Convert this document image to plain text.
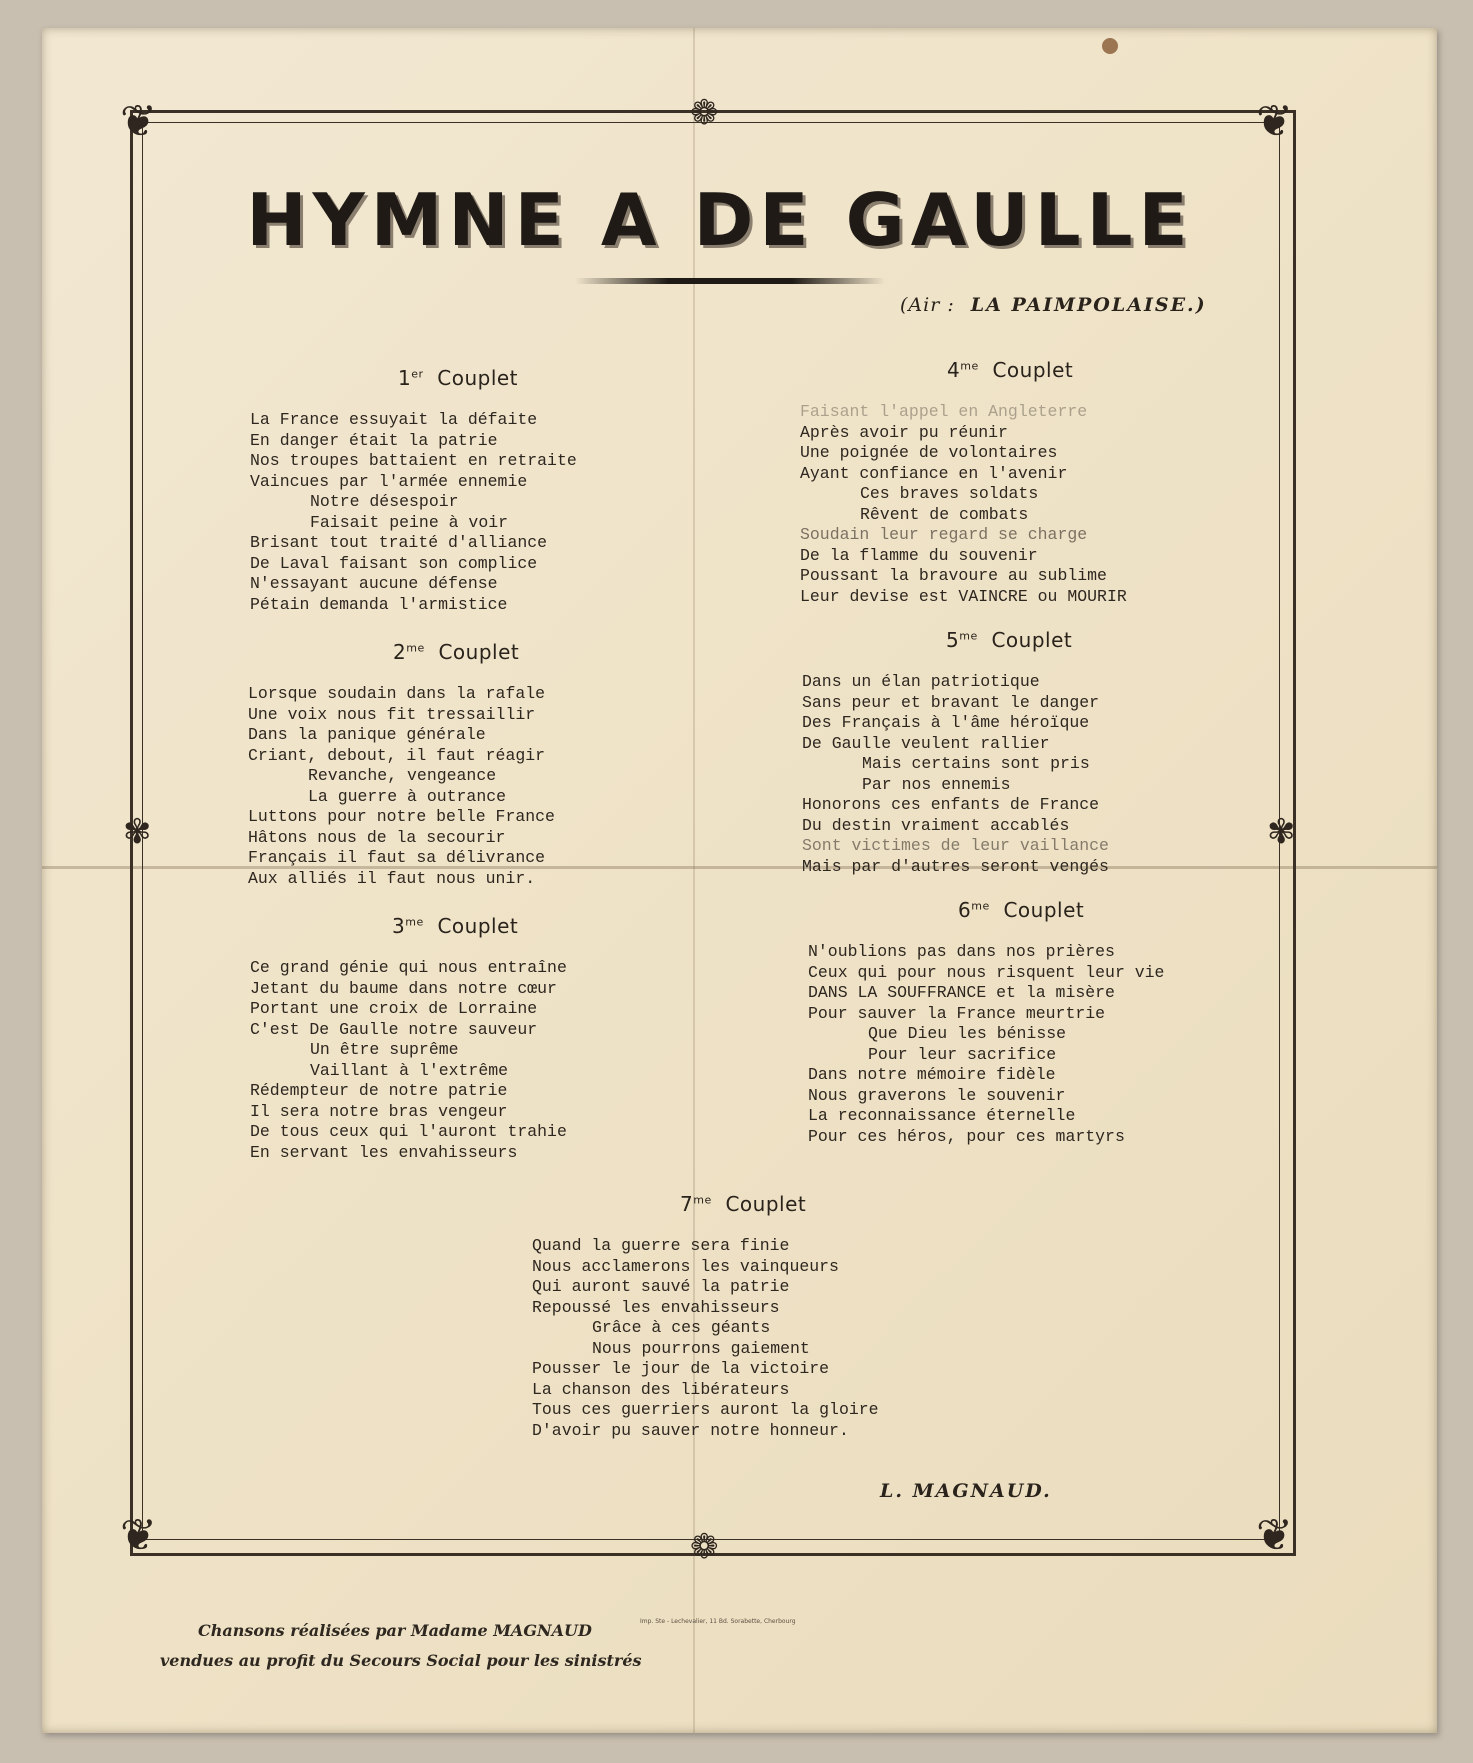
❦	❦
❦	❦
❁
❁
✾	✾
HYMNE A DE GAULLE
(Air : LA PAIMPOLAISE.)
1er Couplet
La France essuyait la défaite
En danger était la patrie
Nos troupes battaient en retraite
Vaincues par l'armée ennemie
Notre désespoir
Faisait peine à voir
Brisant tout traité d'alliance
De Laval faisant son complice
N'essayant aucune défense
Pétain demanda l'armistice
$2^{me}$ Couplet
Lorsque soudain dans la rafale
Une voix nous fit tressaillir
Dans la panique générale
Criant, debout, il faut réagir
Revanche, vengeance
La guerre à outrance
Luttons pour notre belle France
Hâtons nous de la secourir
Français il faut sa délivrance
Aux alliés il faut nous unir.
$3^{me}$ Couplet
Ce grand génie qui nous entraîne
Jetant du baume dans notre cœur
Portant une croix de Lorraine
C'est De Gaulle notre sauveur
Un être suprême
Vaillant à l'extrême
Rédempteur de notre patrie
Il sera notre bras vengeur
De tous ceux qui l'auront trahie
En servant les envahisseurs
$4^{me}$ Couplet
Faisant l'appel en Angleterre
Après avoir pu réunir
Une poignée de volontaires
Ayant confiance en l'avenir
Ces braves soldats
Rêvent de combats
Soudain leur regard se charge
De la flamme du souvenir
Poussant la bravoure au sublime
Leur devise est VAINCRE ou MOURIR
$5^{me}$ Couplet
Dans un élan patriotique
Sans peur et bravant le danger
Des Français à l'âme héroïque
De Gaulle veulent rallier
Mais certains sont pris
Par nos ennemis
Honorons ces enfants de France
Du destin vraiment accablés
Sont victimes de leur vaillance
Mais par d'autres seront vengés
$6^{me}$ Couplet
N'oublions pas dans nos prières
Ceux qui pour nous risquent leur vie
DANS LA SOUFFRANCE et la misère
Pour sauver la France meurtrie
Que Dieu les bénisse
Pour leur sacrifice
Dans notre mémoire fidèle
Nous graverons le souvenir
La reconnaissance éternelle
Pour ces héros, pour ces martyrs
$7^{me}$ Couplet
Quand la guerre sera finie
Nous acclamerons les vainqueurs
Qui auront sauvé la patrie
Repoussé les envahisseurs
Grâce à ces géants
Nous pourrons gaiement
Pousser le jour de la victoire
La chanson des libérateurs
Tous ces guerriers auront la gloire
D'avoir pu sauver notre honneur.
L. MAGNAUD.
Imp. Ste - Lechevalier, 11 Bd. Sorabette, Cherbourg
Chansons réalisées par Madame MAGNAUD
vendues au profit du Secours Social pour les sinistrés
